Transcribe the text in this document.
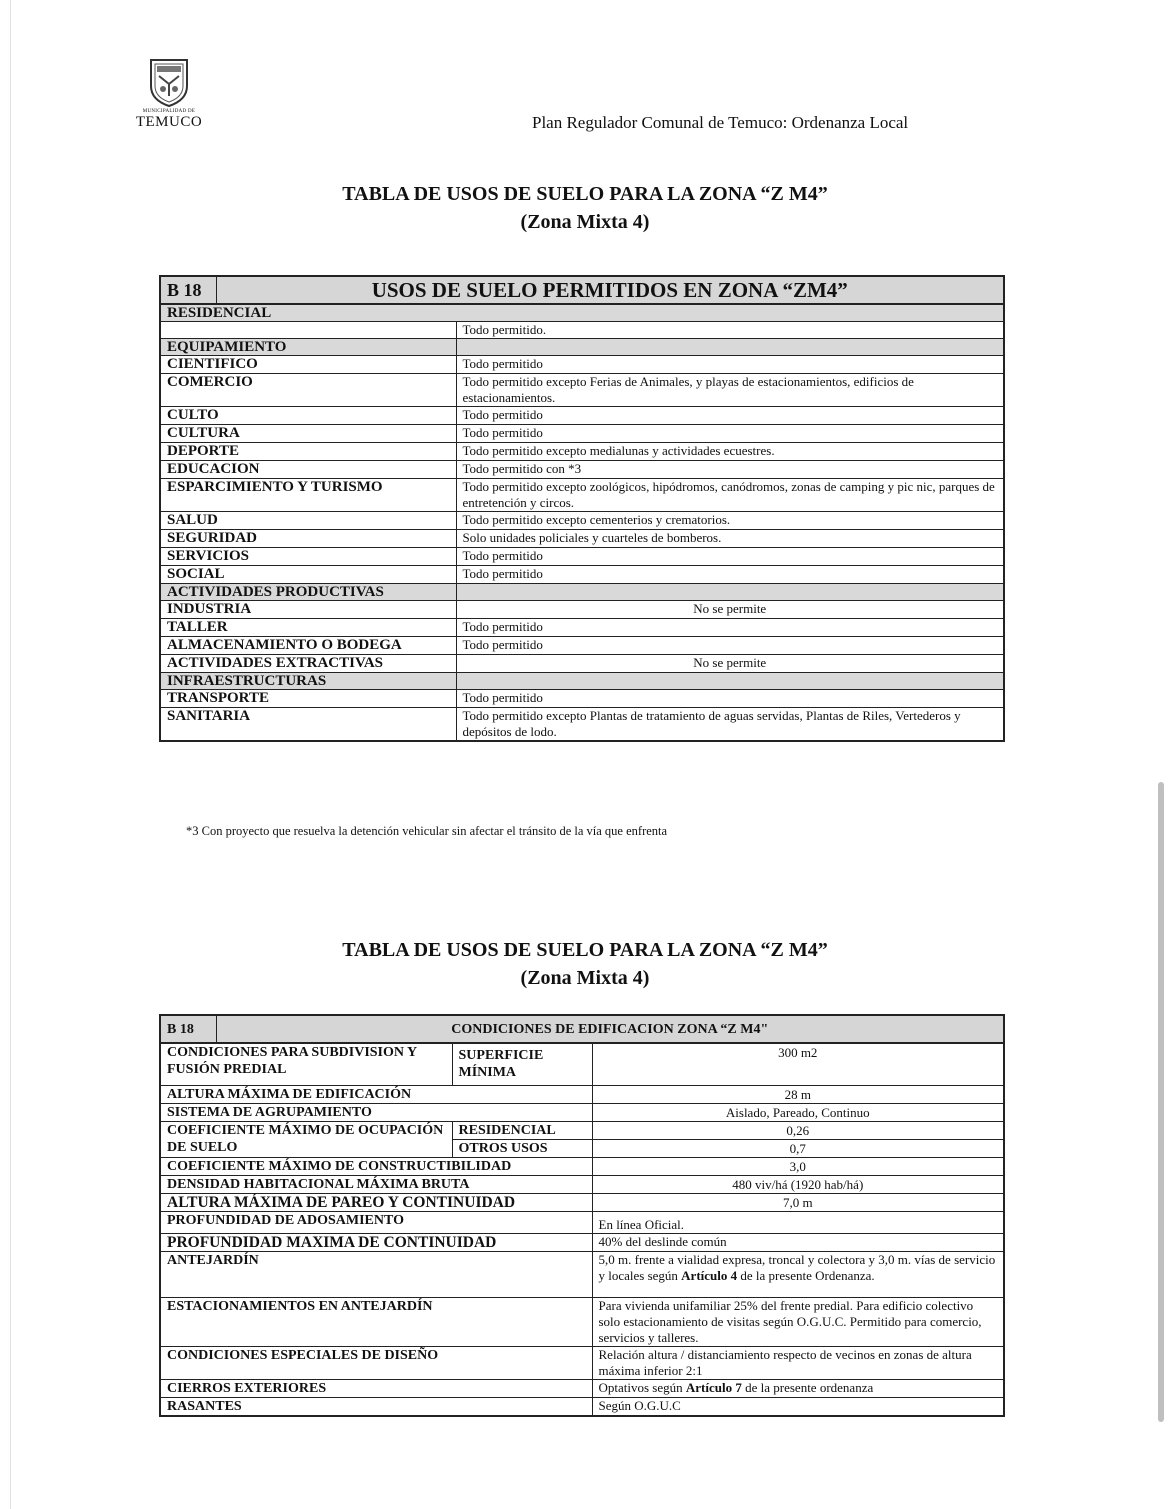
MUNICIPALIDAD DE
TEMUCO	Plan Regulador Comunal de Temuco: Ordenanza Local
TABLA DE USOS DE SUELO PARA LA ZONA “Z M4”
(Zona Mixta 4)
B 18	USOS DE SUELO PERMITIDOS EN ZONA “ZM4”	
RESIDENCIAL		
		Todo permitido.
EQUIPAMIENTO		
CIENTIFICO		Todo permitido
COMERCIO		Todo permitido excepto Ferias de Animales, y playas de estacionamientos, edificios de estacionamientos.
CULTO		Todo permitido
CULTURA		Todo permitido
DEPORTE		Todo permitido excepto medialunas y actividades ecuestres.
EDUCACION		Todo permitido con *3
ESPARCIMIENTO Y TURISMO		Todo permitido excepto zoológicos, hipódromos, canódromos, zonas de camping y pic nic, parques de entretención y circos.
SALUD		Todo permitido excepto cementerios y crematorios.
SEGURIDAD		Solo unidades policiales y cuarteles de bomberos.
SERVICIOS		Todo permitido
SOCIAL		Todo permitido
ACTIVIDADES PRODUCTIVAS		
INDUSTRIA		No se permite
TALLER		Todo permitido
ALMACENAMIENTO O BODEGA		Todo permitido
ACTIVIDADES EXTRACTIVAS		No se permite
INFRAESTRUCTURAS		
TRANSPORTE		Todo permitido
SANITARIA		Todo permitido excepto Plantas de tratamiento de aguas servidas, Plantas de Riles, Vertederos y depósitos de lodo.
*3 Con proyecto que resuelva la detención vehicular sin afectar el tránsito de la vía que enfrenta
TABLA DE USOS DE SUELO PARA LA ZONA “Z M4”
(Zona Mixta 4)
B 18	CONDICIONES DE EDIFICACION ZONA “Z M4"		
CONDICIONES PARA SUBDIVISION Y FUSIÓN PREDIAL		SUPERFICIE MÍNIMA	300 m2
ALTURA MÁXIMA DE EDIFICACIÓN			28 m
SISTEMA DE AGRUPAMIENTO			Aislado, Pareado, Continuo
COEFICIENTE MÁXIMO DE OCUPACIÓN DE SUELO		RESIDENCIAL	0,26
		OTROS USOS	0,7
COEFICIENTE MÁXIMO DE CONSTRUCTIBILIDAD			3,0
DENSIDAD HABITACIONAL MÁXIMA BRUTA			480 viv/há (1920 hab/há)
ALTURA MÁXIMA DE PAREO Y CONTINUIDAD			7,0 m
PROFUNDIDAD DE ADOSAMIENTO			En línea Oficial.
PROFUNDIDAD MAXIMA DE CONTINUIDAD			40% del deslinde común
ANTEJARDÍN			5,0 m. frente a vialidad expresa, troncal y colectora y 3,0 m. vías de servicio y locales según Artículo 4 de la presente Ordenanza.
ESTACIONAMIENTOS EN ANTEJARDÍN			Para vivienda unifamiliar 25% del frente predial. Para edificio colectivo solo estacionamiento de visitas según O.G.U.C. Permitido para comercio, servicios y talleres.
CONDICIONES ESPECIALES DE DISEÑO			Relación altura / distanciamiento respecto de vecinos en zonas de altura máxima inferior 2:1
CIERROS EXTERIORES			Optativos según Artículo 7 de la presente ordenanza
RASANTES			Según O.G.U.C
